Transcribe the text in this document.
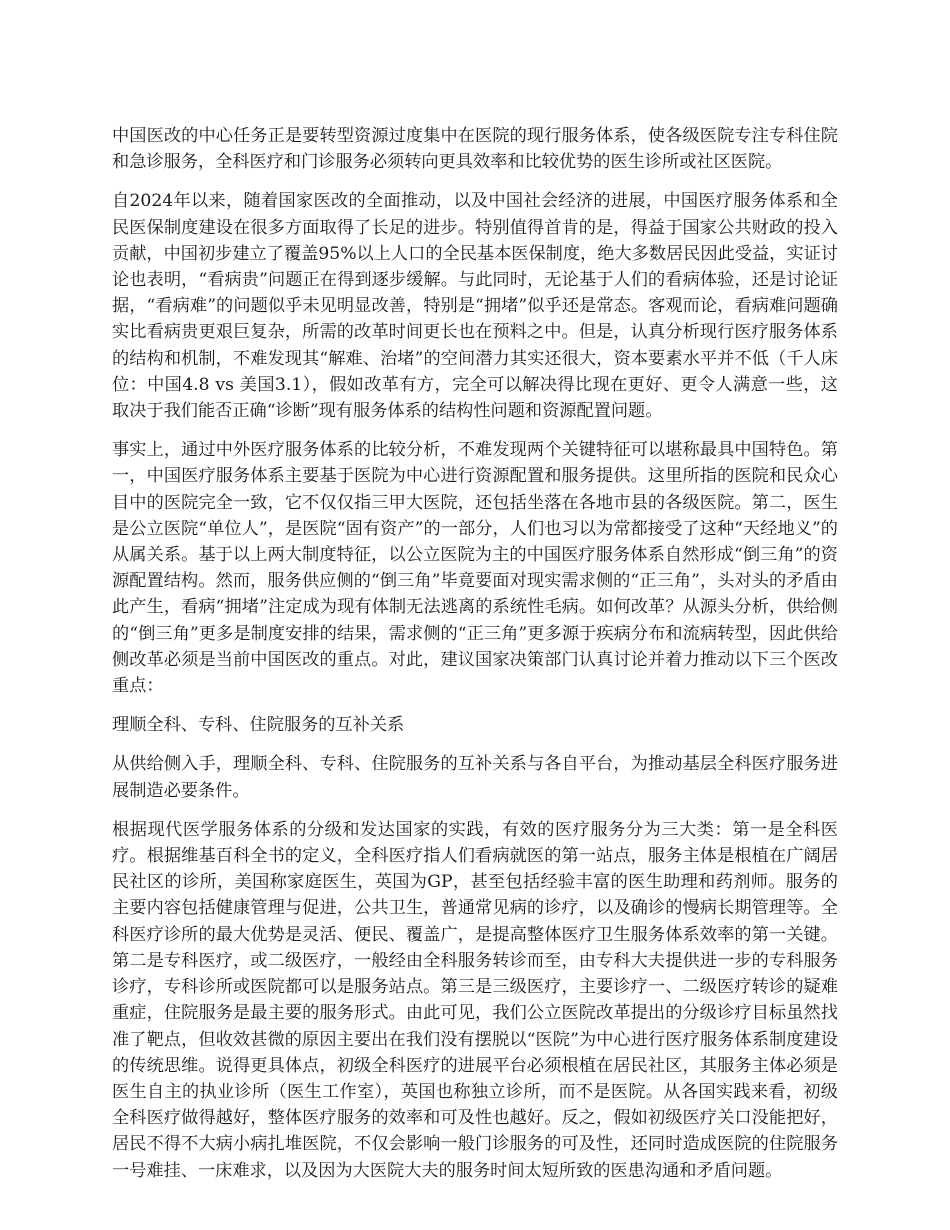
中国医改的中心任务正是要转型资源过度集中在医院的现行服务体系，使各级医院专注专科住院和急诊服务，全科医疗和门诊服务必须转向更具效率和比较优势的医生诊所或社区医院。

自2024年以来，随着国家医改的全面推动，以及中国社会经济的进展，中国医疗服务体系和全民医保制度建设在很多方面取得了长足的进步。特别值得首肯的是，得益于国家公共财政的投入贡献，中国初步建立了覆盖95%以上人口的全民基本医保制度，绝大多数居民因此受益，实证讨论也表明，“看病贵”问题正在得到逐步缓解。与此同时，无论基于人们的看病体验，还是讨论证据，“看病难”的问题似乎未见明显改善，特别是“拥堵”似乎还是常态。客观而论，看病难问题确实比看病贵更艰巨复杂，所需的改革时间更长也在预料之中。但是，认真分析现行医疗服务体系的结构和机制，不难发现其“解难、治堵”的空间潜力其实还很大，资本要素水平并不低（千人床位：中国4.8 vs 美国3.1），假如改革有方，完全可以解决得比现在更好、更令人满意一些，这取决于我们能否正确“诊断”现有服务体系的结构性问题和资源配置问题。

事实上，通过中外医疗服务体系的比较分析，不难发现两个关键特征可以堪称最具中国特色。第一，中国医疗服务体系主要基于医院为中心进行资源配置和服务提供。这里所指的医院和民众心目中的医院完全一致，它不仅仅指三甲大医院，还包括坐落在各地市县的各级医院。第二，医生是公立医院“单位人”，是医院“固有资产”的一部分，人们也习以为常都接受了这种“天经地义”的从属关系。基于以上两大制度特征，以公立医院为主的中国医疗服务体系自然形成“倒三角”的资源配置结构。然而，服务供应侧的“倒三角”毕竟要面对现实需求侧的“正三角”，头对头的矛盾由此产生，看病“拥堵”注定成为现有体制无法逃离的系统性毛病。如何改革？从源头分析，供给侧的“倒三角”更多是制度安排的结果，需求侧的“正三角”更多源于疾病分布和流病转型，因此供给侧改革必须是当前中国医改的重点。对此，建议国家决策部门认真讨论并着力推动以下三个医改重点：

理顺全科、专科、住院服务的互补关系

从供给侧入手，理顺全科、专科、住院服务的互补关系与各自平台，为推动基层全科医疗服务进展制造必要条件。

根据现代医学服务体系的分级和发达国家的实践，有效的医疗服务分为三大类：第一是全科医疗。根据维基百科全书的定义，全科医疗指人们看病就医的第一站点，服务主体是根植在广阔居民社区的诊所，美国称家庭医生，英国为GP，甚至包括经验丰富的医生助理和药剂师。服务的主要内容包括健康管理与促进，公共卫生，普通常见病的诊疗，以及确诊的慢病长期管理等。全科医疗诊所的最大优势是灵活、便民、覆盖广，是提高整体医疗卫生服务体系效率的第一关键。第二是专科医疗，或二级医疗，一般经由全科服务转诊而至，由专科大夫提供进一步的专科服务诊疗，专科诊所或医院都可以是服务站点。第三是三级医疗，主要诊疗一、二级医疗转诊的疑难重症，住院服务是最主要的服务形式。由此可见，我们公立医院改革提出的分级诊疗目标虽然找准了靶点，但收效甚微的原因主要出在我们没有摆脱以“医院”为中心进行医疗服务体系制度建设的传统思维。说得更具体点，初级全科医疗的进展平台必须根植在居民社区，其服务主体必须是医生自主的执业诊所（医生工作室），英国也称独立诊所，而不是医院。从各国实践来看，初级全科医疗做得越好，整体医疗服务的效率和可及性也越好。反之，假如初级医疗关口没能把好，居民不得不大病小病扎堆医院，不仅会影响一般门诊服务的可及性，还同时造成医院的住院服务一号难挂、一床难求，以及因为大医院大夫的服务时间太短所致的医患沟通和矛盾问题。
